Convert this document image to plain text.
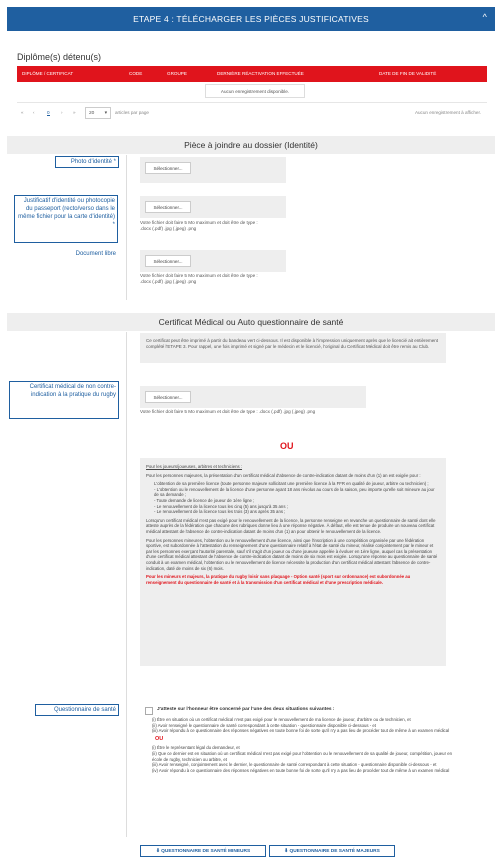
ETAPE 4 : TÉLÉCHARGER LES PIÈCES JUSTIFICATIVES	^
Diplôme(s) détenu(s)
DIPLÔME / CERTIFICAT	CODE	GROUPE	DERNIÈRE RÉACTIVATION EFFECTUÉE	DATE DE FIN DE VALIDITÉ
Aucun enregistrement disponible.
« ‹	0 › »	20 ▾ articles par page	Aucun enregistrement à afficher.
Pièce à joindre au dossier (Identité)
Photo d'identité *
Sélectionner...
Justificatif d'identité ou photocopie du passeport (recto/verso dans le même fichier pour la carte d'identité) *
Sélectionner...
Votre fichier doit faire 5 Mo maximum et doit être de type :
.docx (.pdf) .jpg (.jpeg) .png
Document libre
Sélectionner...
Votre fichier doit faire 5 Mo maximum et doit être de type :
.docx (.pdf) .jpg (.jpeg) .png
Certificat Médical ou Auto questionnaire de santé
Ce certificat peut être imprimé à partir du bandeau vert ci-dessous. Il est disponible à l'impression uniquement après que le licencié ait entièrement complété l'ETAPE 3. Pour rappel, une fois imprimé et signé par le médecin et le licencié, l'original du Certificat Médical doit être remis au Club.
Certificat médical de non contre-indication à la pratique du rugby	Sélectionner...
Votre fichier doit faire 5 Mo maximum et doit être de type : .docx (.pdf) .jpg (.jpeg) .png
OU

Pour les joueurs/joueuses, arbitres et techniciens :

Pour les personnes majeures, la présentation d'un certificat médical d'absence de contre-indication datant de moins d'un (1) an est exigée pour :

L'obtention de sa première licence (toute personne majeure sollicitant une première licence à la FFR en qualité de joueur, arbitre ou technicien) ;
- L'obtention ou le renouvellement de la licence d'une personne ayant 18 ans révolus au cours de la saison, peu importe qu'elle soit mineure au jour de sa demande ;
- Toute demande de licence de joueur de 1ère ligne ;
- Le renouvellement de la licence tous les cinq (5) ans jusqu'à 35 ans ;
- Le renouvellement de la licence tous les trois (3) ans après 35 ans ;

Lorsqu'un certificat médical n'est pas exigé pour le renouvellement de la licence, la personne renseigne en revanche un questionnaire de santé dont elle atteste auprès de la fédération que chacune des rubriques donne lieu à une réponse négative. À défaut, elle est tenue de produire un nouveau certificat médical attestant de l'absence de contre-indication datant de moins d'un (1) an pour obtenir le renouvellement de la licence.

Pour les personnes mineures, l'obtention ou le renouvellement d'une licence, ainsi que l'inscription à une compétition organisée par une fédération sportive, est subordonnée à l'attestation du renseignement d'une questionnaire relatif à l'état de santé du mineur, réalisé conjointement par le mineur et par les personnes exerçant l'autorité parentale, sauf s'il s'agit d'un joueur ou d'une joueuse appelée à évoluer en 1ère ligne, auquel cas la présentation d'une certificat médical attestant de l'absence de contre-indication datant de moins de six mois est exigée. Lorsqu'une réponse au questionnaire de santé conduit à un examen médical, l'obtention ou le renouvellement de licence nécessite la production d'un certificat médical attestant l'absence de contre-indication, daté de moins de six (6) mois.

Pour les mineurs et majeurs, la pratique du rugby loisir sans plaquage - Option santé (sport sur ordonnance) est subordonnée au renseignement du questionnaire de santé et à la transmission d'un certificat médical et d'une prescription médicale.

Questionnaire de santé	J'atteste sur l'honneur être concerné par l'une des deux situations suivantes :
(i) Être en situation où un certificat médical n'est pas exigé pour le renouvellement de ma licence de joueur, d'arbitre ou de technicien, et
(ii) Avoir renseigné le questionnaire de santé correspondant à cette situation - questionnaire disponible ci-dessous - et
(iii) Avoir répondu à ce questionnaire des réponses négatives en toute bonne foi de sorte qu'il n'y a pas lieu de procéder tout de même à un examen médical
OU
(i) Être le représentant légal du demandeur, et
(ii) Que ce dernier est en situation où un certificat médical n'est pas exigé pour l'obtention ou le renouvellement de sa qualité de joueur, compétition, joueur en école de rugby, technicien ou arbitre, et
(iii) Avoir renseigné, conjointement avec le dernier, le questionnaire de santé correspondant à cette situation - questionnaire disponible ci-dessous - et
(iv) Avoir répondu à ce questionnaire des réponses négatives en toute bonne foi de sorte qu'il n'y a pas lieu de procéder tout de même à un examen médical
⬇ QUESTIONNAIRE DE SANTÉ MINEURS	⬇ QUESTIONNAIRE DE SANTÉ MAJEURS
